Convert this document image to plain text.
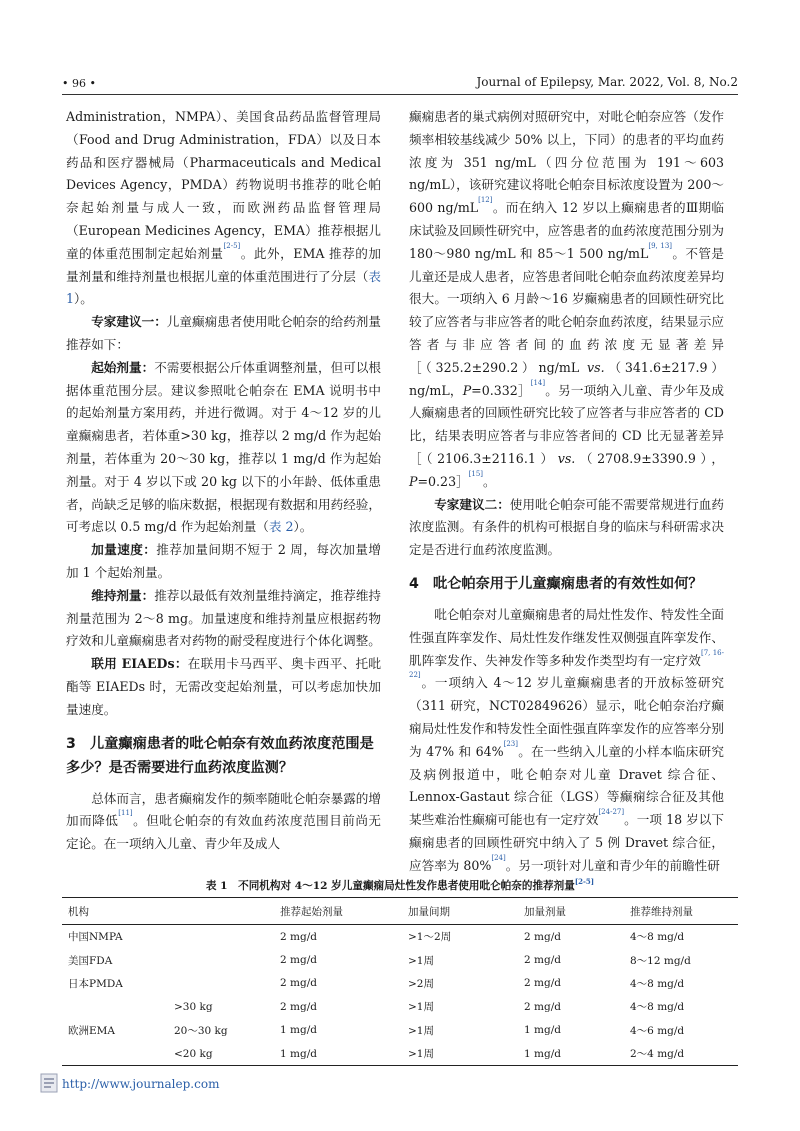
• 96 •	Journal of Epilepsy, Mar. 2022, Vol. 8, No.2

Administration，NMPA）、美国食品药品监督管理局（Food and Drug Administration，FDA）以及日本药品和医疗器械局（Pharmaceuticals and Medical Devices Agency，PMDA）药物说明书推荐的吡仑帕奈起始剂量与成人一致，而欧洲药品监督管理局（European Medicines Agency，EMA）推荐根据儿童的体重范围制定起始剂量[2-5]。此外，EMA 推荐的加量剂量和维持剂量也根据儿童的体重范围进行了分层（表 1）。

专家建议一：儿童癫痫患者使用吡仑帕奈的给药剂量推荐如下：

起始剂量：不需要根据公斤体重调整剂量，但可以根据体重范围分层。建议参照吡仑帕奈在 EMA 说明书中的起始剂量方案用药，并进行微调。对于 4～12 岁的儿童癫痫患者，若体重>30 kg，推荐以 2 mg/d 作为起始剂量，若体重为 20～30 kg，推荐以 1 mg/d 作为起始剂量。对于 4 岁以下或 20 kg 以下的小年龄、低体重患者，尚缺乏足够的临床数据，根据现有数据和用药经验，可考虑以 0.5 mg/d 作为起始剂量（表 2）。

加量速度：推荐加量间期不短于 2 周，每次加量增加 1 个起始剂量。

维持剂量：推荐以最低有效剂量维持滴定，推荐维持剂量范围为 2～8 mg。加量速度和维持剂量应根据药物疗效和儿童癫痫患者对药物的耐受程度进行个体化调整。

联用 EIAEDs：在联用卡马西平、奥卡西平、托吡酯等 EIAEDs 时，无需改变起始剂量，可以考虑加快加量速度。

3　儿童癫痫患者的吡仑帕奈有效血药浓度范围是多少？是否需要进行血药浓度监测？

总体而言，患者癫痫发作的频率随吡仑帕奈暴露的增加而降低[11]。但吡仑帕奈的有效血药浓度范围目前尚无定论。在一项纳入儿童、青少年及成人

癫痫患者的巢式病例对照研究中，对吡仑帕奈应答（发作频率相较基线减少 50% 以上，下同）的患者的平均血药浓度为 351 ng/mL（四分位范围为 191～603 ng/mL），该研究建议将吡仑帕奈目标浓度设置为 200～600 ng/mL[12]。而在纳入 12 岁以上癫痫患者的Ⅲ期临床试验及回顾性研究中，应答患者的血药浓度范围分别为 180～980 ng/mL 和 85～1 500 ng/mL[9, 13]。不管是儿童还是成人患者，应答患者间吡仑帕奈血药浓度差异均很大。一项纳入 6 月龄～16 岁癫痫患者的回顾性研究比较了应答者与非应答者的吡仑帕奈血药浓度，结果显示应答者与非应答者间的血药浓度无显著差异［（325.2±290.2）ng/mL vs.（341.6±217.9）ng/mL，P=0.332］[14]。另一项纳入儿童、青少年及成人癫痫患者的回顾性研究比较了应答者与非应答者的 CD 比，结果表明应答者与非应答者间的 CD 比无显著差异［（2106.3±2116.1）vs.（2708.9±3390.9），P=0.23］[15]。

专家建议二：使用吡仑帕奈可能不需要常规进行血药浓度监测。有条件的机构可根据自身的临床与科研需求决定是否进行血药浓度监测。

4　吡仑帕奈用于儿童癫痫患者的有效性如何？

吡仑帕奈对儿童癫痫患者的局灶性发作、特发性全面性强直阵挛发作、局灶性发作继发性双侧强直阵挛发作、肌阵挛发作、失神发作等多种发作类型均有一定疗效[7, 16-22]。一项纳入 4～12 岁儿童癫痫患者的开放标签研究（311 研究，NCT02849626）显示，吡仑帕奈治疗癫痫局灶性发作和特发性全面性强直阵挛发作的应答率分别为 47% 和 64%[23]。在一些纳入儿童的小样本临床研究及病例报道中，吡仑帕奈对儿童 Dravet 综合征、Lennox-Gastaut 综合征（LGS）等癫痫综合征及其他某些难治性癫痫可能也有一定疗效[24-27]。一项 18 岁以下癫痫患者的回顾性研究中纳入了 5 例 Dravet 综合征，应答率为 80%[24]。另一项针对儿童和青少年的前瞻性研

表 1　不同机构对 4～12 岁儿童癫痫局灶性发作患者使用吡仑帕奈的推荐剂量[2-5]
机构		推荐起始剂量	加量间期	加量剂量	推荐维持剂量
中国NMPA		2 mg/d	>1～2周	2 mg/d	4～8 mg/d
美国FDA		2 mg/d	>1周	2 mg/d	8～12 mg/d
日本PMDA		2 mg/d	>2周	2 mg/d	4～8 mg/d
	>30 kg	2 mg/d	>1周	2 mg/d	4～8 mg/d
欧洲EMA	20～30 kg	1 mg/d	>1周	1 mg/d	4～6 mg/d
	<20 kg	1 mg/d	>1周	1 mg/d	2～4 mg/d
http://www.journalep.com
